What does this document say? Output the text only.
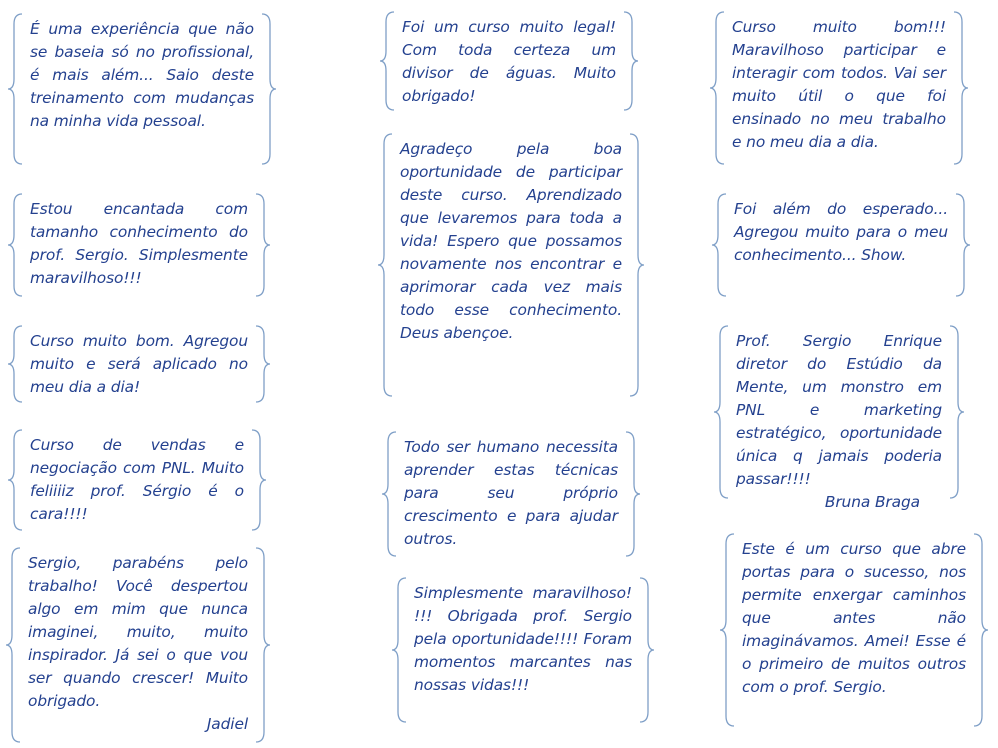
É uma experiência que não se baseia só no profissional, é mais além... Saio deste treinamento com mudanças na minha vida pessoal.
Estou encantada com tamanho conhecimento do prof. Sergio. Simplesmente maravilhoso!!!
Curso muito bom. Agregou muito e será aplicado no meu dia a dia!
Curso de vendas e negociação com PNL. Muito feliiiiz prof. Sérgio é o cara!!!!
Sergio, parabéns pelo trabalho! Você despertou algo em mim que nunca imaginei, muito, muito inspirador. Já sei o que vou ser quando crescer! Muito obrigado.
Jadiel
Foi um curso muito legal! Com toda certeza um divisor de águas. Muito obrigado!
Agradeço pela boa oportunidade de participar deste curso. Aprendizado que levaremos para toda a vida! Espero que possamos novamente nos encontrar e aprimorar cada vez mais todo esse conhecimento. Deus abençoe.
Todo ser humano necessita aprender estas técnicas para seu próprio crescimento e para ajudar outros.
Simplesmente maravilhoso! !!! Obrigada prof. Sergio pela oportunidade!!!! Foram momentos marcantes nas nossas vidas!!!
Curso muito bom!!! Maravilhoso participar e interagir com todos. Vai ser muito útil o que foi ensinado no meu trabalho e no meu dia a dia.
Foi além do esperado... Agregou muito para o meu conhecimento... Show.
Prof. Sergio Enrique diretor do Estúdio da Mente, um monstro em PNL e marketing estratégico, oportunidade única q jamais poderia passar!!!!
Bruna Braga
Este é um curso que abre portas para o sucesso, nos permite enxergar caminhos que antes não imaginávamos. Amei! Esse é o primeiro de muitos outros com o prof. Sergio.
